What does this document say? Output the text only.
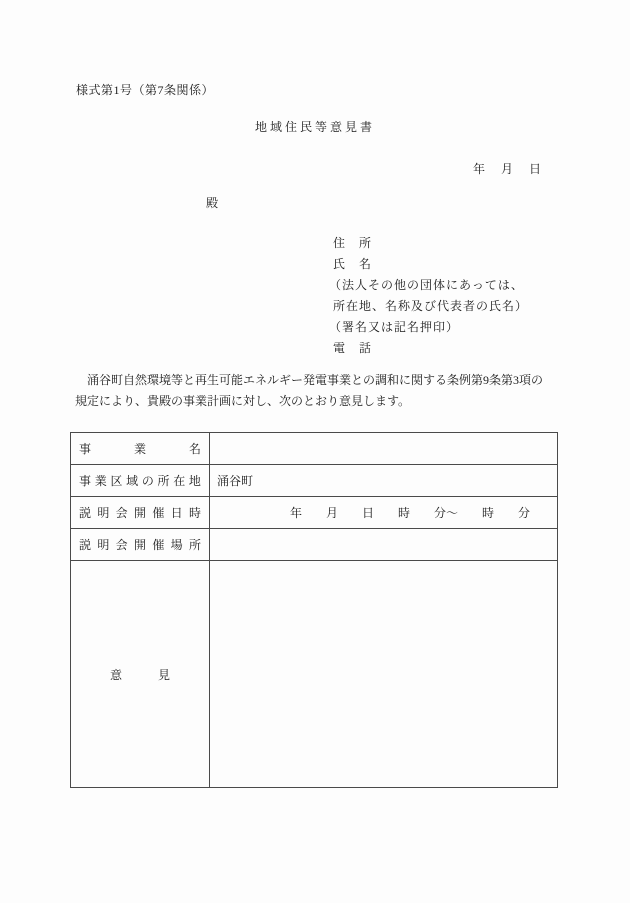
様式第1号（第7条関係）
地域住民等意見書
年　月　日
殿
住　所
氏　名
（法人その他の団体にあっては、
所在地、名称及び代表者の氏名）
（署名又は記名押印）
電　話
　涌谷町自然環境等と再生可能エネルギー発電事業との調和に関する条例第9条第3項の
規定により、貴殿の事業計画に対し、次のとおり意見します。
事 業 名	

事 業 区 域 の 所 在 地	涌谷町

説 明 会 開 催 日 時	年　　月　　日　　時　　分～　　時　　分

説 明 会 開 催 場 所

意　　　見	
